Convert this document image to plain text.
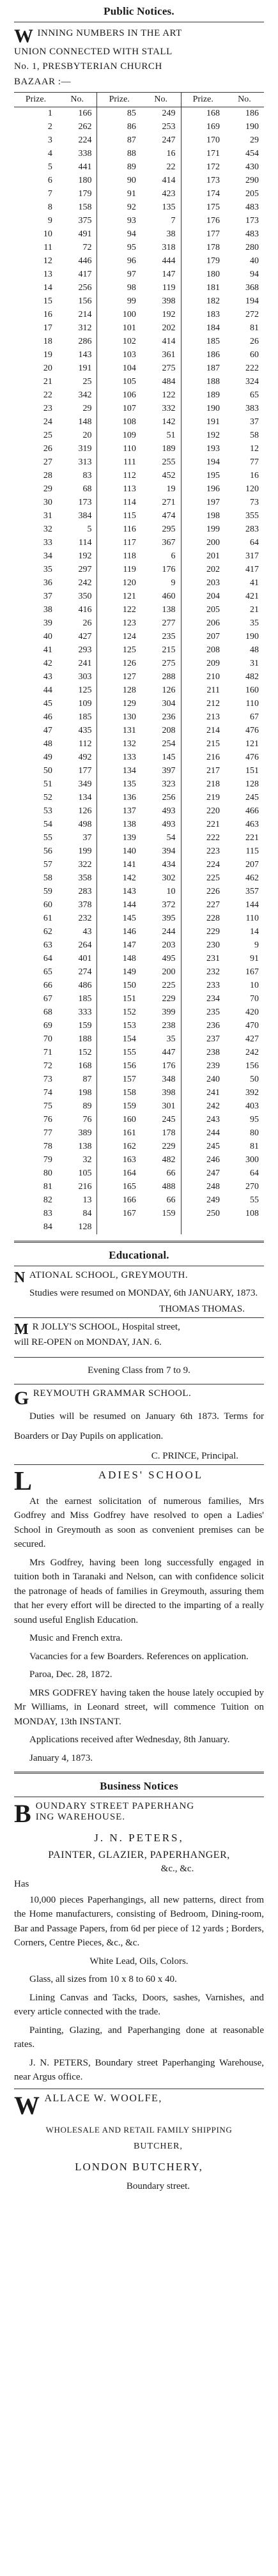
Public Notices.
W INNING NUMBERS IN THE ART
UNION CONNECTED WITH STALL
No. 1, PRESBYTERIAN CHURCH
BAZAAR :—
Prize.	No.	Prize.	No.	Prize.	No.
1	166	85	249	168	186
2	262	86	253	169	190
3	224	87	247	170	29
4	338	88	16	171	454
5	441	89	22	172	430
6	180	90	414	173	290
7	179	91	423	174	205
8	158	92	135	175	483
9	375	93	7	176	173
10	491	94	38	177	483
11	72	95	318	178	280
12	446	96	444	179	40
13	417	97	147	180	94
14	256	98	119	181	368
15	156	99	398	182	194
16	214	100	192	183	272
17	312	101	202	184	81
18	286	102	414	185	26
19	143	103	361	186	60
20	191	104	275	187	222
21	25	105	484	188	324
22	342	106	122	189	65
23	29	107	332	190	383
24	148	108	142	191	37
25	20	109	51	192	58
26	319	110	189	193	12
27	313	111	255	194	77
28	83	112	452	195	16
29	68	113	19	196	120
30	173	114	271	197	73
31	384	115	474	198	355
32	5	116	295	199	283
33	114	117	367	200	64
34	192	118	6	201	317
35	297	119	176	202	417
36	242	120	9	203	41
37	350	121	460	204	421
38	416	122	138	205	21
39	26	123	277	206	35
40	427	124	235	207	190
41	293	125	215	208	48
42	241	126	275	209	31
43	303	127	288	210	482
44	125	128	126	211	160
45	109	129	304	212	110
46	185	130	236	213	67
47	435	131	208	214	476
48	112	132	254	215	121
49	492	133	145	216	476
50	177	134	397	217	151
51	349	135	323	218	128
52	134	136	256	219	245
53	126	137	493	220	466
54	498	138	493	221	463
55	37	139	54	222	221
56	199	140	394	223	115
57	322	141	434	224	207
58	358	142	302	225	462
59	283	143	10	226	357
60	378	144	372	227	144
61	232	145	395	228	110
62	43	146	244	229	14
63	264	147	203	230	9
64	401	148	495	231	91
65	274	149	200	232	167
66	486	150	225	233	10
67	185	151	229	234	70
68	333	152	399	235	420
69	159	153	238	236	470
70	188	154	35	237	427
71	152	155	447	238	242
72	168	156	176	239	156
73	87	157	348	240	50
74	198	158	398	241	392
75	89	159	301	242	403
76	76	160	245	243	95
77	389	161	178	244	80
78	138	162	229	245	81
79	32	163	482	246	300
80	105	164	66	247	64
81	216	165	488	248	270
82	13	166	66	249	55
83	84	167	159	250	108
84	128				
Educational.
N ATIONAL SCHOOL, GREYMOUTH.
Studies were resumed on MONDAY, 6th JANUARY, 1873.
THOMAS THOMAS.
M R JOLLY'S SCHOOL, Hospital street,
will RE-OPEN on MONDAY, JAN. 6.
Evening Class from 7 to 9.
G REYMOUTH GRAMMAR SCHOOL.
Duties will be resumed on January 6th 1873. Terms for Boarders or Day Pupils on application.
C. PRINCE, Principal.
L	ADIES' SCHOOL

At the earnest solicitation of numerous families, Mrs Godfrey and Miss Godfrey have resolved to open a Ladies' School in Greymouth as soon as convenient premises can be secured.

Mrs Godfrey, having been long successfully engaged in tuition both in Taranaki and Nelson, can with confidence solicit the patronage of heads of families in Greymouth, assuring them that her every effort will be directed to the imparting of a really sound useful English Education.

Music and French extra.

Vacancies for a few Boarders. References on application.

Paroa, Dec. 28, 1872.

MRS GODFREY having taken the house lately occupied by Mr Williams, in Leonard street, will commence Tuition on MONDAY, 13th INSTANT.

Applications received after Wednesday, 8th January.

January 4, 1873.

Business Notices
B OUNDARY STREET PAPERHANG
ING WAREHOUSE.
J. N. PETERS,
PAINTER, GLAZIER, PAPERHANGER,
&c., &c.
Has

10,000 pieces Paperhangings, all new patterns, direct from the Home manufacturers, consisting of Bedroom, Dining-room, Bar and Passage Papers, from 6d per piece of 12 yards ; Borders, Corners, Centre Pieces, &c., &c.

White Lead, Oils, Colors.

Glass, all sizes from 10 x 8 to 60 x 40.

Lining Canvas and Tacks, Doors, sashes, Varnishes, and every article connected with the trade.

Painting, Glazing, and Paperhanging done at reasonable rates.

J. N. PETERS, Boundary street Paperhanging Warehouse, near Argus office.

W ALLACE W. WOOLFE,
WHOLESALE AND RETAIL FAMILY SHIPPING
BUTCHER,
LONDON BUTCHERY,
Boundary street.
